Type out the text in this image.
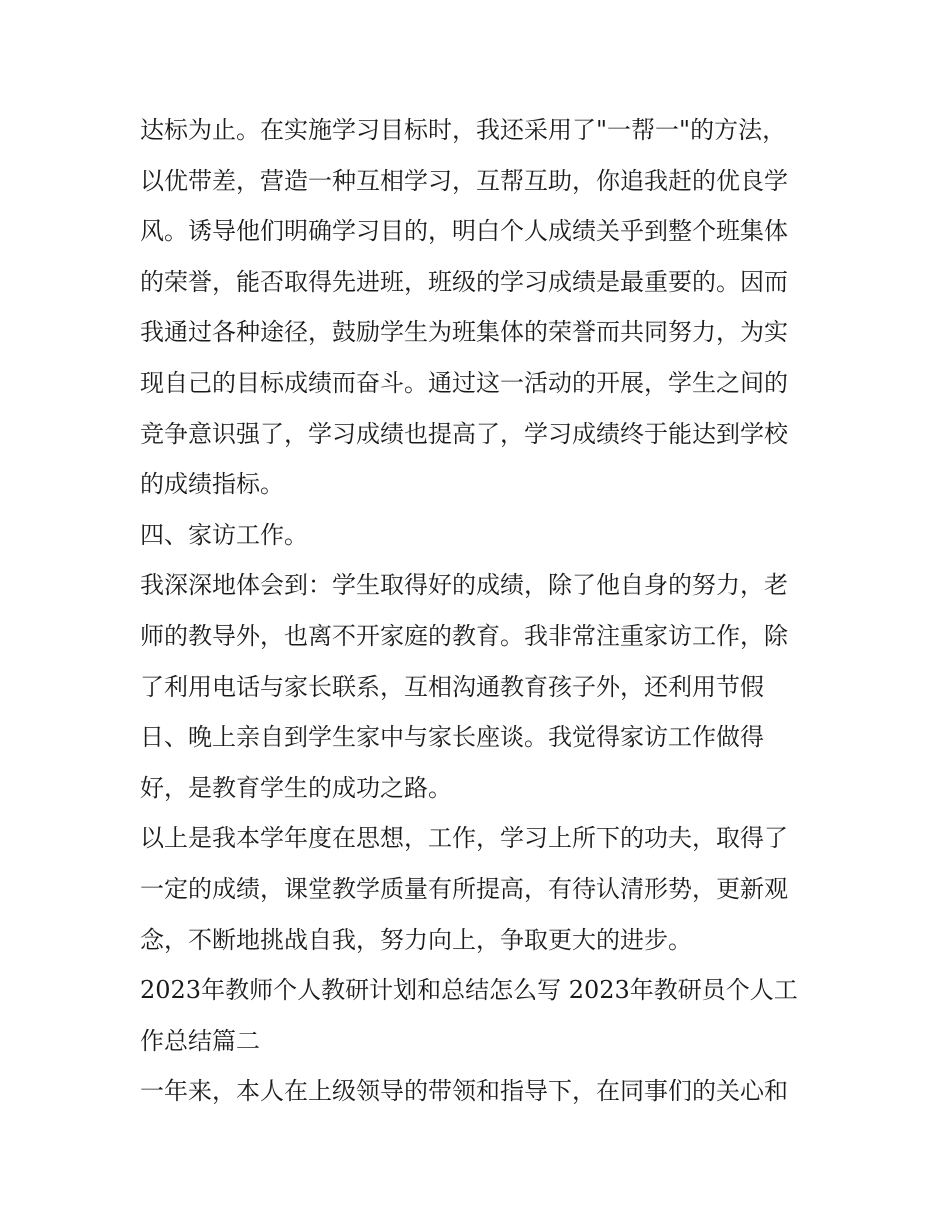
达标为止。在实施学习目标时，我还采用了"一帮一"的方法，
以优带差，营造一种互相学习，互帮互助，你追我赶的优良学
风。诱导他们明确学习目的，明白个人成绩关乎到整个班集体
的荣誉，能否取得先进班，班级的学习成绩是最重要的。因而
我通过各种途径，鼓励学生为班集体的荣誉而共同努力，为实
现自己的目标成绩而奋斗。通过这一活动的开展，学生之间的
竞争意识强了，学习成绩也提高了，学习成绩终于能达到学校
的成绩指标。
四、家访工作。
我深深地体会到：学生取得好的成绩，除了他自身的努力，老
师的教导外，也离不开家庭的教育。我非常注重家访工作，除
了利用电话与家长联系，互相沟通教育孩子外，还利用节假
日、晚上亲自到学生家中与家长座谈。我觉得家访工作做得
好，是教育学生的成功之路。
以上是我本学年度在思想，工作，学习上所下的功夫，取得了
一定的成绩，课堂教学质量有所提高，有待认清形势，更新观
念，不断地挑战自我，努力向上，争取更大的进步。
2023年教师个人教研计划和总结怎么写 2023年教研员个人工
作总结篇二
一年来，本人在上级领导的带领和指导下，在同事们的关心和
